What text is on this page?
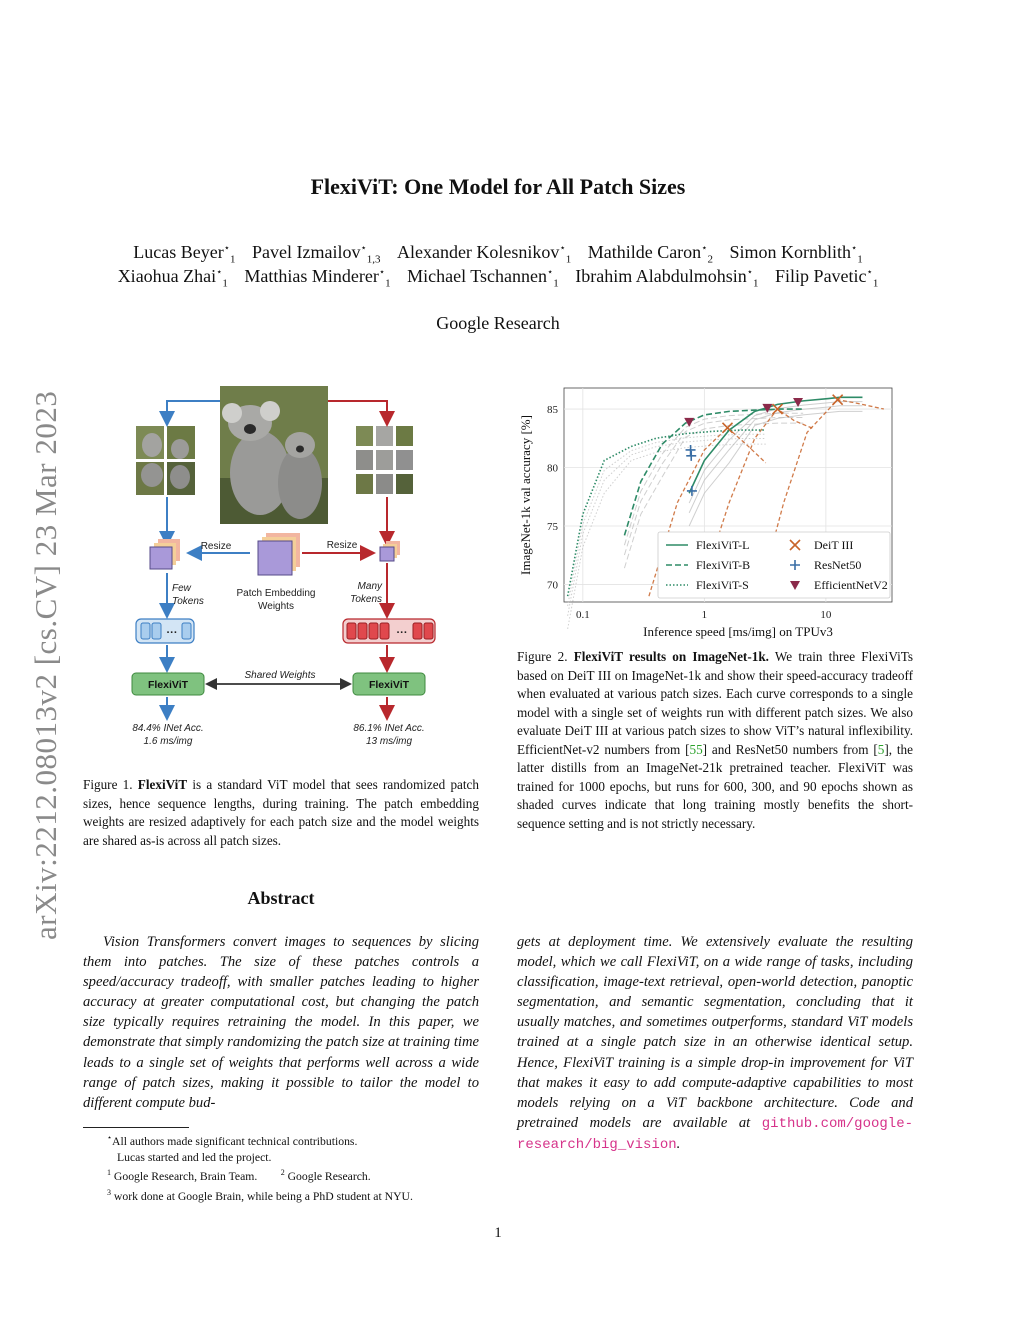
arXiv:2212.08013v2 [cs.CV] 23 Mar 2023
FlexiViT: One Model for All Patch Sizes
Lucas Beyer⋆$_1$ Pavel Izmailov⋆$_{1,3}$ Alexander Kolesnikov⋆$_1$ Mathilde Caron⋆$_2$ Simon Kornblith⋆$_1$
Xiaohua Zhai⋆$_1$ Matthias Minderer⋆$_1$ Michael Tschannen⋆$_1$ Ibrahim Alabdulmohsin⋆$_1$ Filip Pavetic⋆$_1$
Google Research
Resize	Resize
Patch Embedding
Weights
Few
Tokens
Many
Tokens
···	···
FlexiViT	FlexiViT
Shared Weights
84.4% INet Acc.
1.6 ms/img
86.1% INet Acc.
13 ms/img
Figure 1. FlexiViT is a standard ViT model that sees randomized patch sizes, hence sequence lengths, during training. The patch embedding weights are resized adaptively for each patch size and the model weights are shared as-is across all patch sizes.
70
75
80
85
0.1	1	10
Inference speed [ms/img] on TPUv3
ImageNet-1k val accuracy [%]	FlexiViT-L
FlexiViT-B
FlexiViT-S
DeiT III
ResNet50
EfficientNetV2
Figure 2. FlexiViT results on ImageNet-1k. We train three FlexiViTs based on DeiT III on ImageNet-1k and show their speed-accuracy tradeoff when evaluated at various patch sizes. Each curve corresponds to a single model with a single set of weights run with different patch sizes. We also evaluate DeiT III at various patch sizes to show ViT’s natural inflexibility. EfficientNet-v2 numbers from [55] and ResNet50 numbers from [5], the latter distills from an ImageNet-21k pretrained teacher. FlexiViT was trained for 1000 epochs, but runs for 600, 300, and 90 epochs shown as shaded curves indicate that long training mostly benefits the short-sequence setting and is not strictly necessary.
Abstract
Vision Transformers convert images to sequences by slicing them into patches. The size of these patches controls a speed/accuracy tradeoff, with smaller patches leading to higher accuracy at greater computational cost, but changing the patch size typically requires retraining the model. In this paper, we demonstrate that simply randomizing the patch size at training time leads to a single set of weights that performs well across a wide range of patch sizes, making it possible to tailor the model to different compute bud-
gets at deployment time. We extensively evaluate the resulting model, which we call FlexiViT, on a wide range of tasks, including classification, image-text retrieval, open-world detection, panoptic segmentation, and semantic segmentation, concluding that it usually matches, and sometimes outperforms, standard ViT models trained at a single patch size in an otherwise identical setup. Hence, FlexiViT training is a simple drop-in improvement for ViT that makes it easy to add compute-adaptive capabilities to most models relying on a ViT backbone architecture. Code and pretrained models are available at github.com/google-research/big_vision.
⋆All authors made significant technical contributions.
Lucas started and led the project.
$^1$ Google Research, Brain Team.	$^2$ Google Research.
$^3$ work done at Google Brain, while being a PhD student at NYU.
1
